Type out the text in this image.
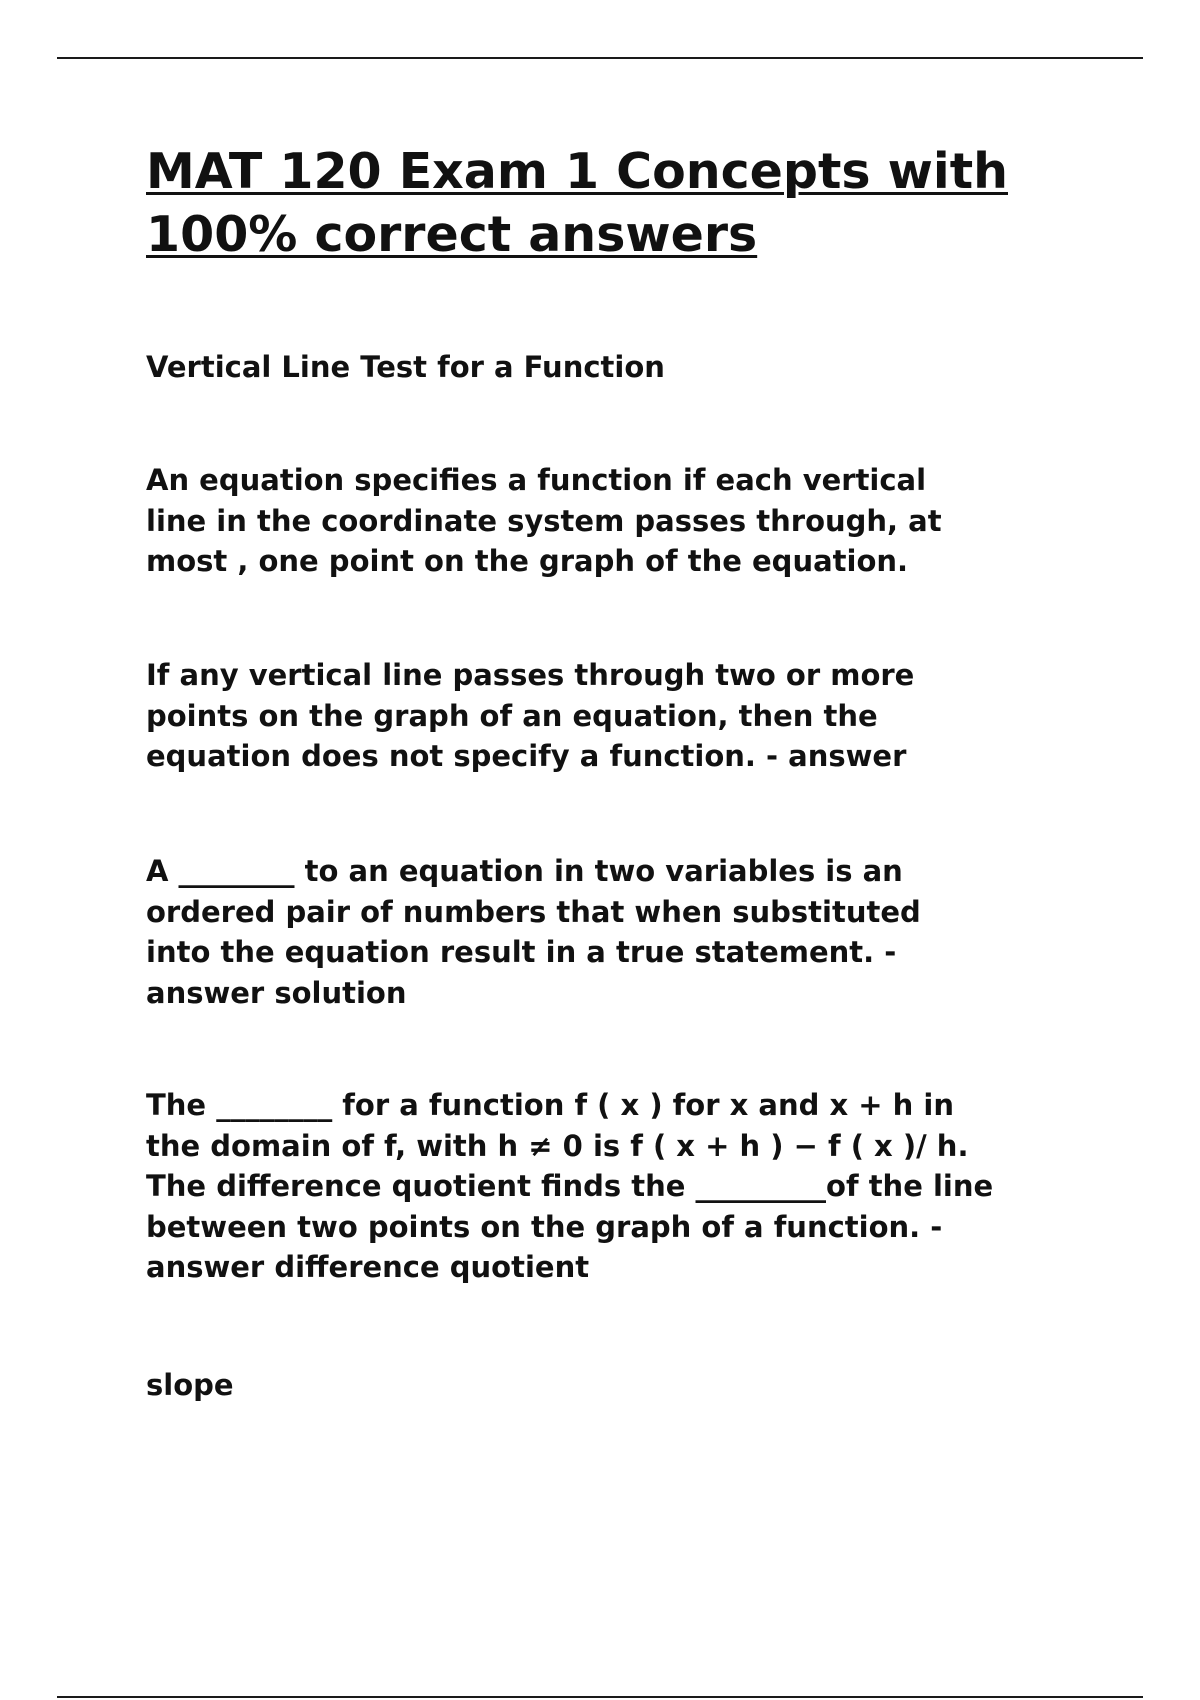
MAT 120 Exam 1 Concepts with
100% correct answers

Vertical Line Test for a Function

An equation specifies a function if each vertical
line in the coordinate system passes through, at
most , one point on the graph of the equation.

If any vertical line passes through two or more
points on the graph of an equation, then the
equation does not specify a function. - answer

A ________ to an equation in two variables is an
ordered pair of numbers that when substituted
into the equation result in a true statement. -
answer solution

The ________ for a function f ( x ) for x and x + h in
the domain of f, with h ≠ 0 is f ( x + h ) − f ( x )/ h.
The difference quotient finds the _________of the line
between two points on the graph of a function. -
answer difference quotient

slope
